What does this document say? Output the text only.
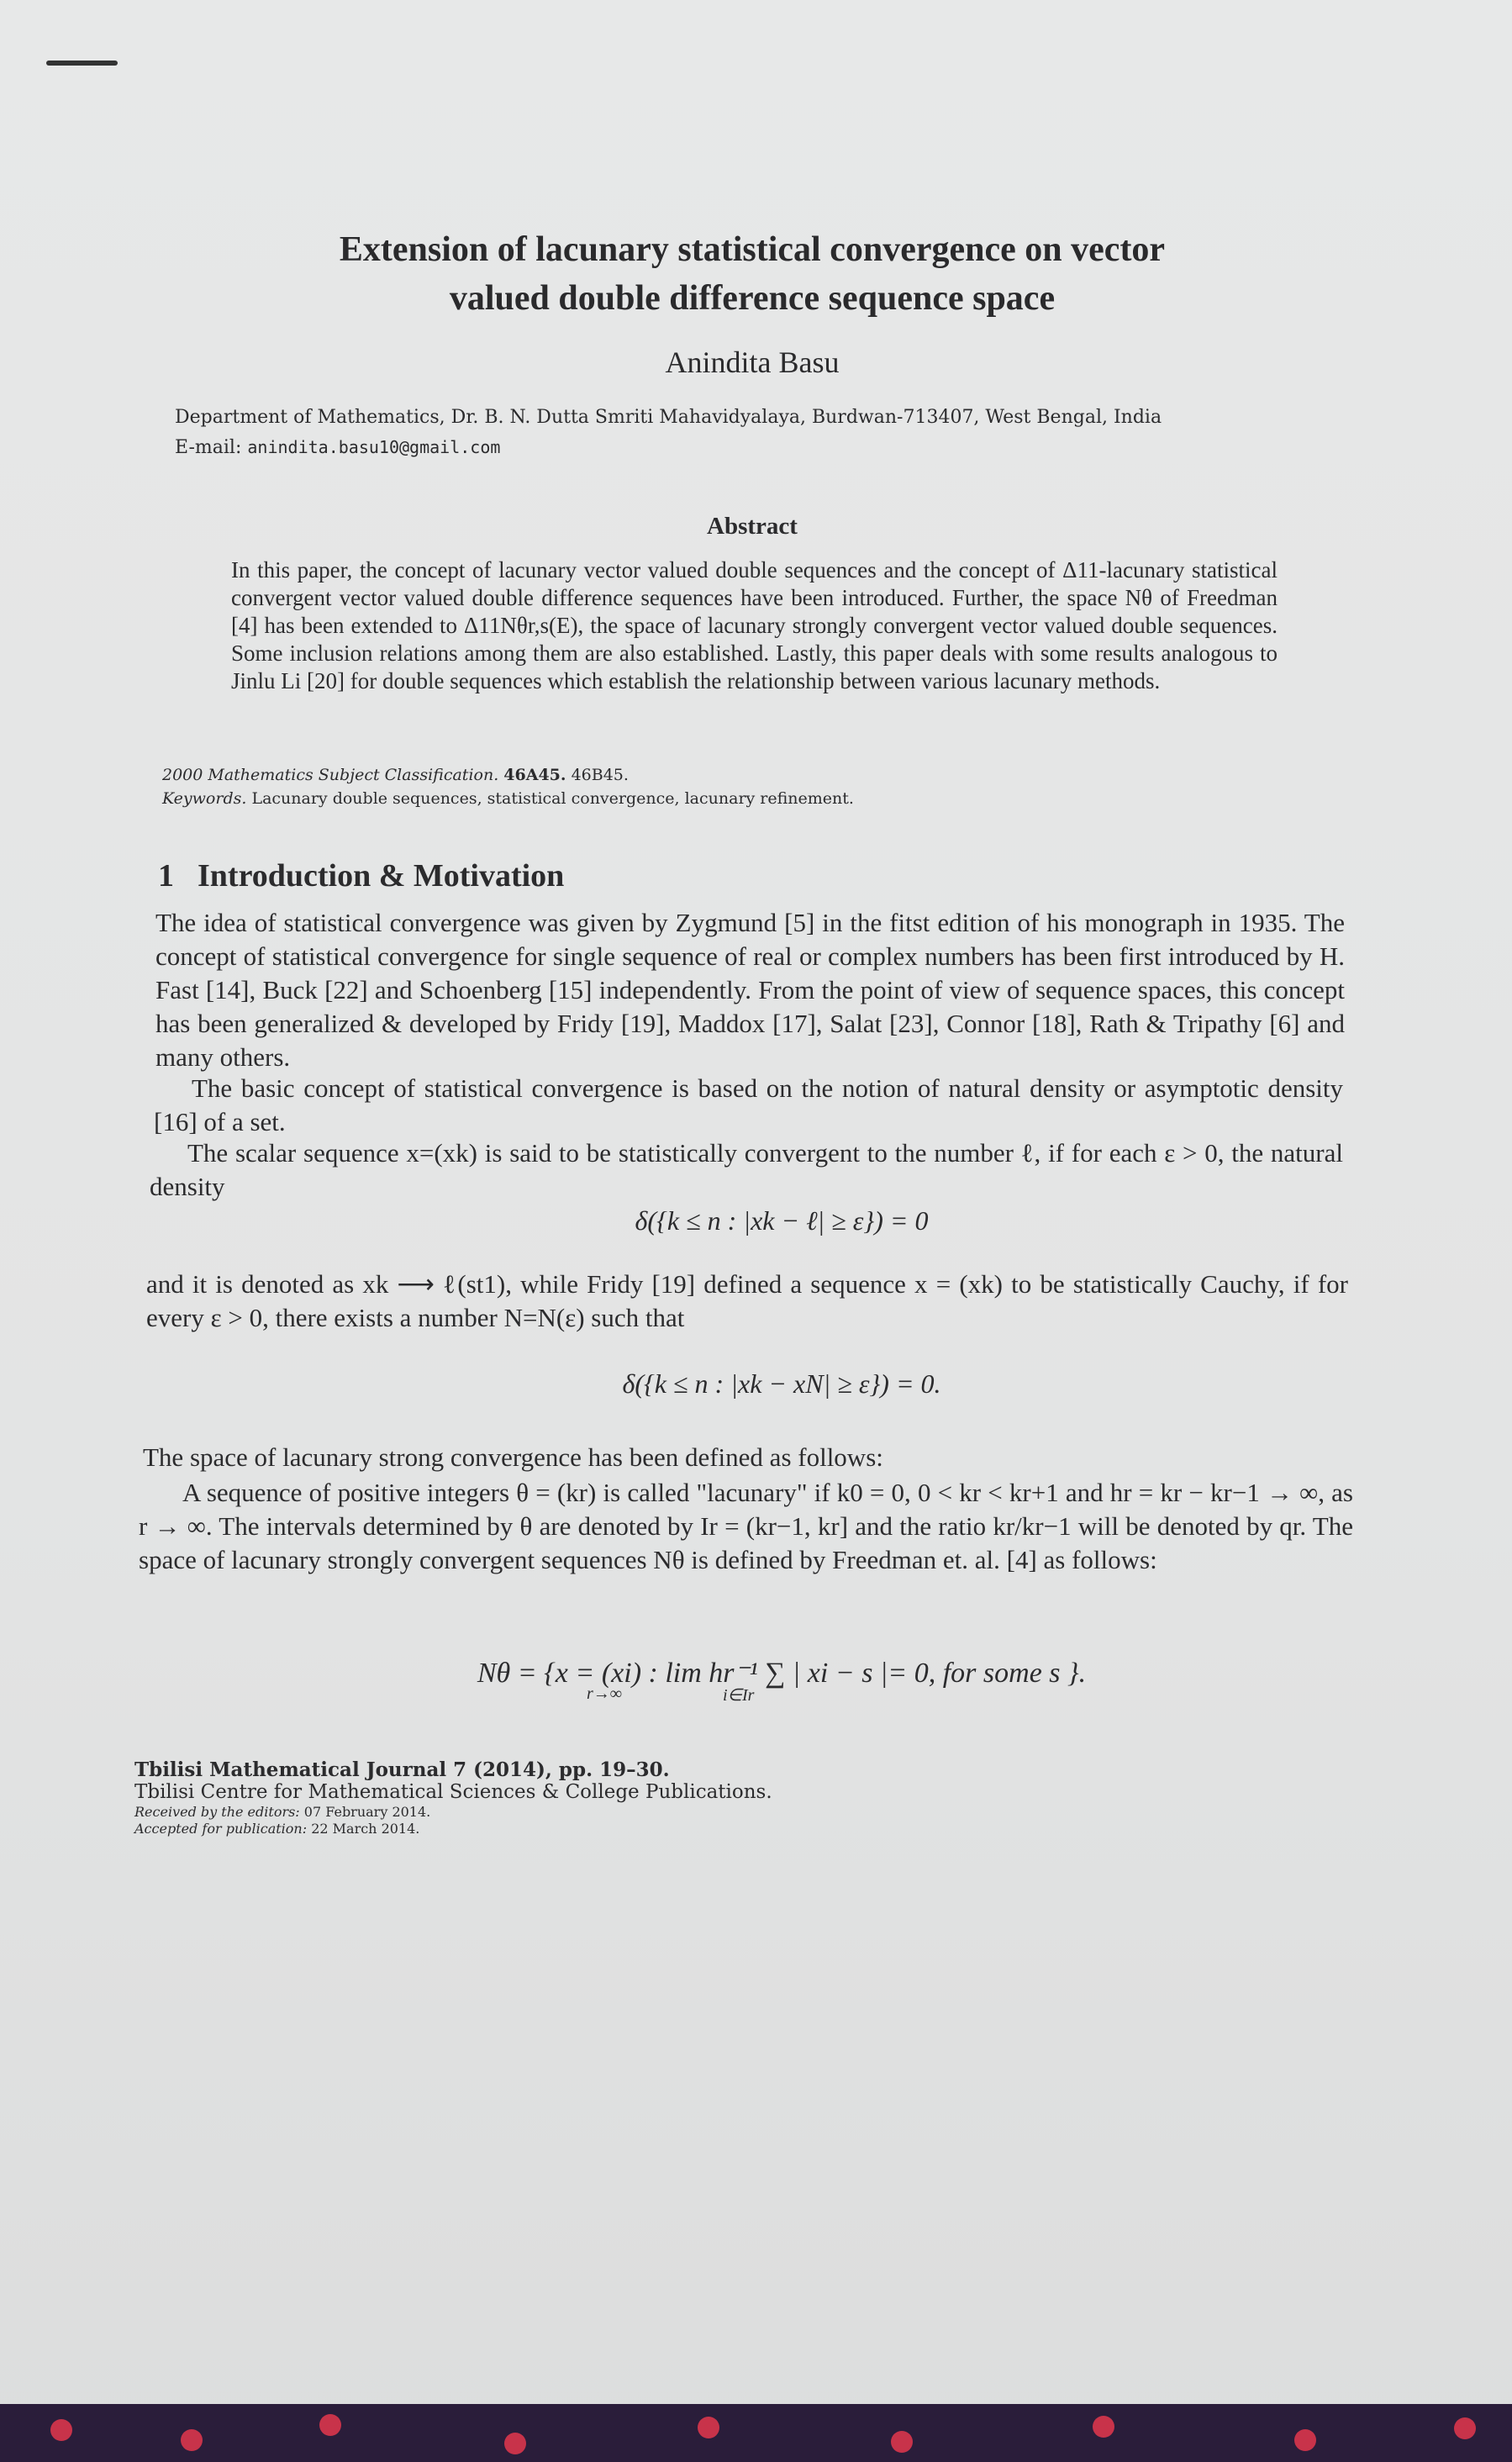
Extension of lacunary statistical convergence on vector
valued double difference sequence space
Anindita Basu
Department of Mathematics, Dr. B. N. Dutta Smriti Mahavidyalaya, Burdwan-713407, West Bengal, India
E-mail: anindita.basu10@gmail.com
Abstract
In this paper, the concept of lacunary vector valued double sequences and the concept of Δ11-lacunary statistical convergent vector valued double difference sequences have been introduced. Further, the space Nθ of Freedman [4] has been extended to Δ11Nθr,s(E), the space of lacunary strongly convergent vector valued double sequences. Some inclusion relations among them are also established. Lastly, this paper deals with some results analogous to Jinlu Li [20] for double sequences which establish the relationship between various lacunary methods.
2000 Mathematics Subject Classification. 46A45. 46B45.
Keywords. Lacunary double sequences, statistical convergence, lacunary refinement.
1 Introduction & Motivation
The idea of statistical convergence was given by Zygmund [5] in the fitst edition of his monograph in 1935. The concept of statistical convergence for single sequence of real or complex numbers has been first introduced by H. Fast [14], Buck [22] and Schoenberg [15] independently. From the point of view of sequence spaces, this concept has been generalized & developed by Fridy [19], Maddox [17], Salat [23], Connor [18], Rath & Tripathy [6] and many others.
The basic concept of statistical convergence is based on the notion of natural density or asymptotic density [16] of a set.
The scalar sequence x=(xk) is said to be statistically convergent to the number ℓ, if for each ε > 0, the natural density
δ({k ≤ n : |xk − ℓ| ≥ ε}) = 0
and it is denoted as xk ⟶ ℓ(st1), while Fridy [19] defined a sequence x = (xk) to be statistically Cauchy, if for every ε > 0, there exists a number N=N(ε) such that
δ({k ≤ n : |xk − xN| ≥ ε}) = 0.
The space of lacunary strong convergence has been defined as follows:
A sequence of positive integers θ = (kr) is called "lacunary" if k0 = 0, 0 < kr < kr+1 and hr = kr − kr−1 → ∞, as r → ∞. The intervals determined by θ are denoted by Ir = (kr−1, kr] and the ratio kr/kr−1 will be denoted by qr. The space of lacunary strongly convergent sequences Nθ is defined by Freedman et. al. [4] as follows:
Nθ = {x = (xi) : lim hr⁻¹ ∑ | xi − s |= 0, for some s }.
r→∞	i∈Ir
Tbilisi Mathematical Journal 7 (2014), pp. 19–30.
Tbilisi Centre for Mathematical Sciences & College Publications.
Received by the editors: 07 February 2014.
Accepted for publication: 22 March 2014.
